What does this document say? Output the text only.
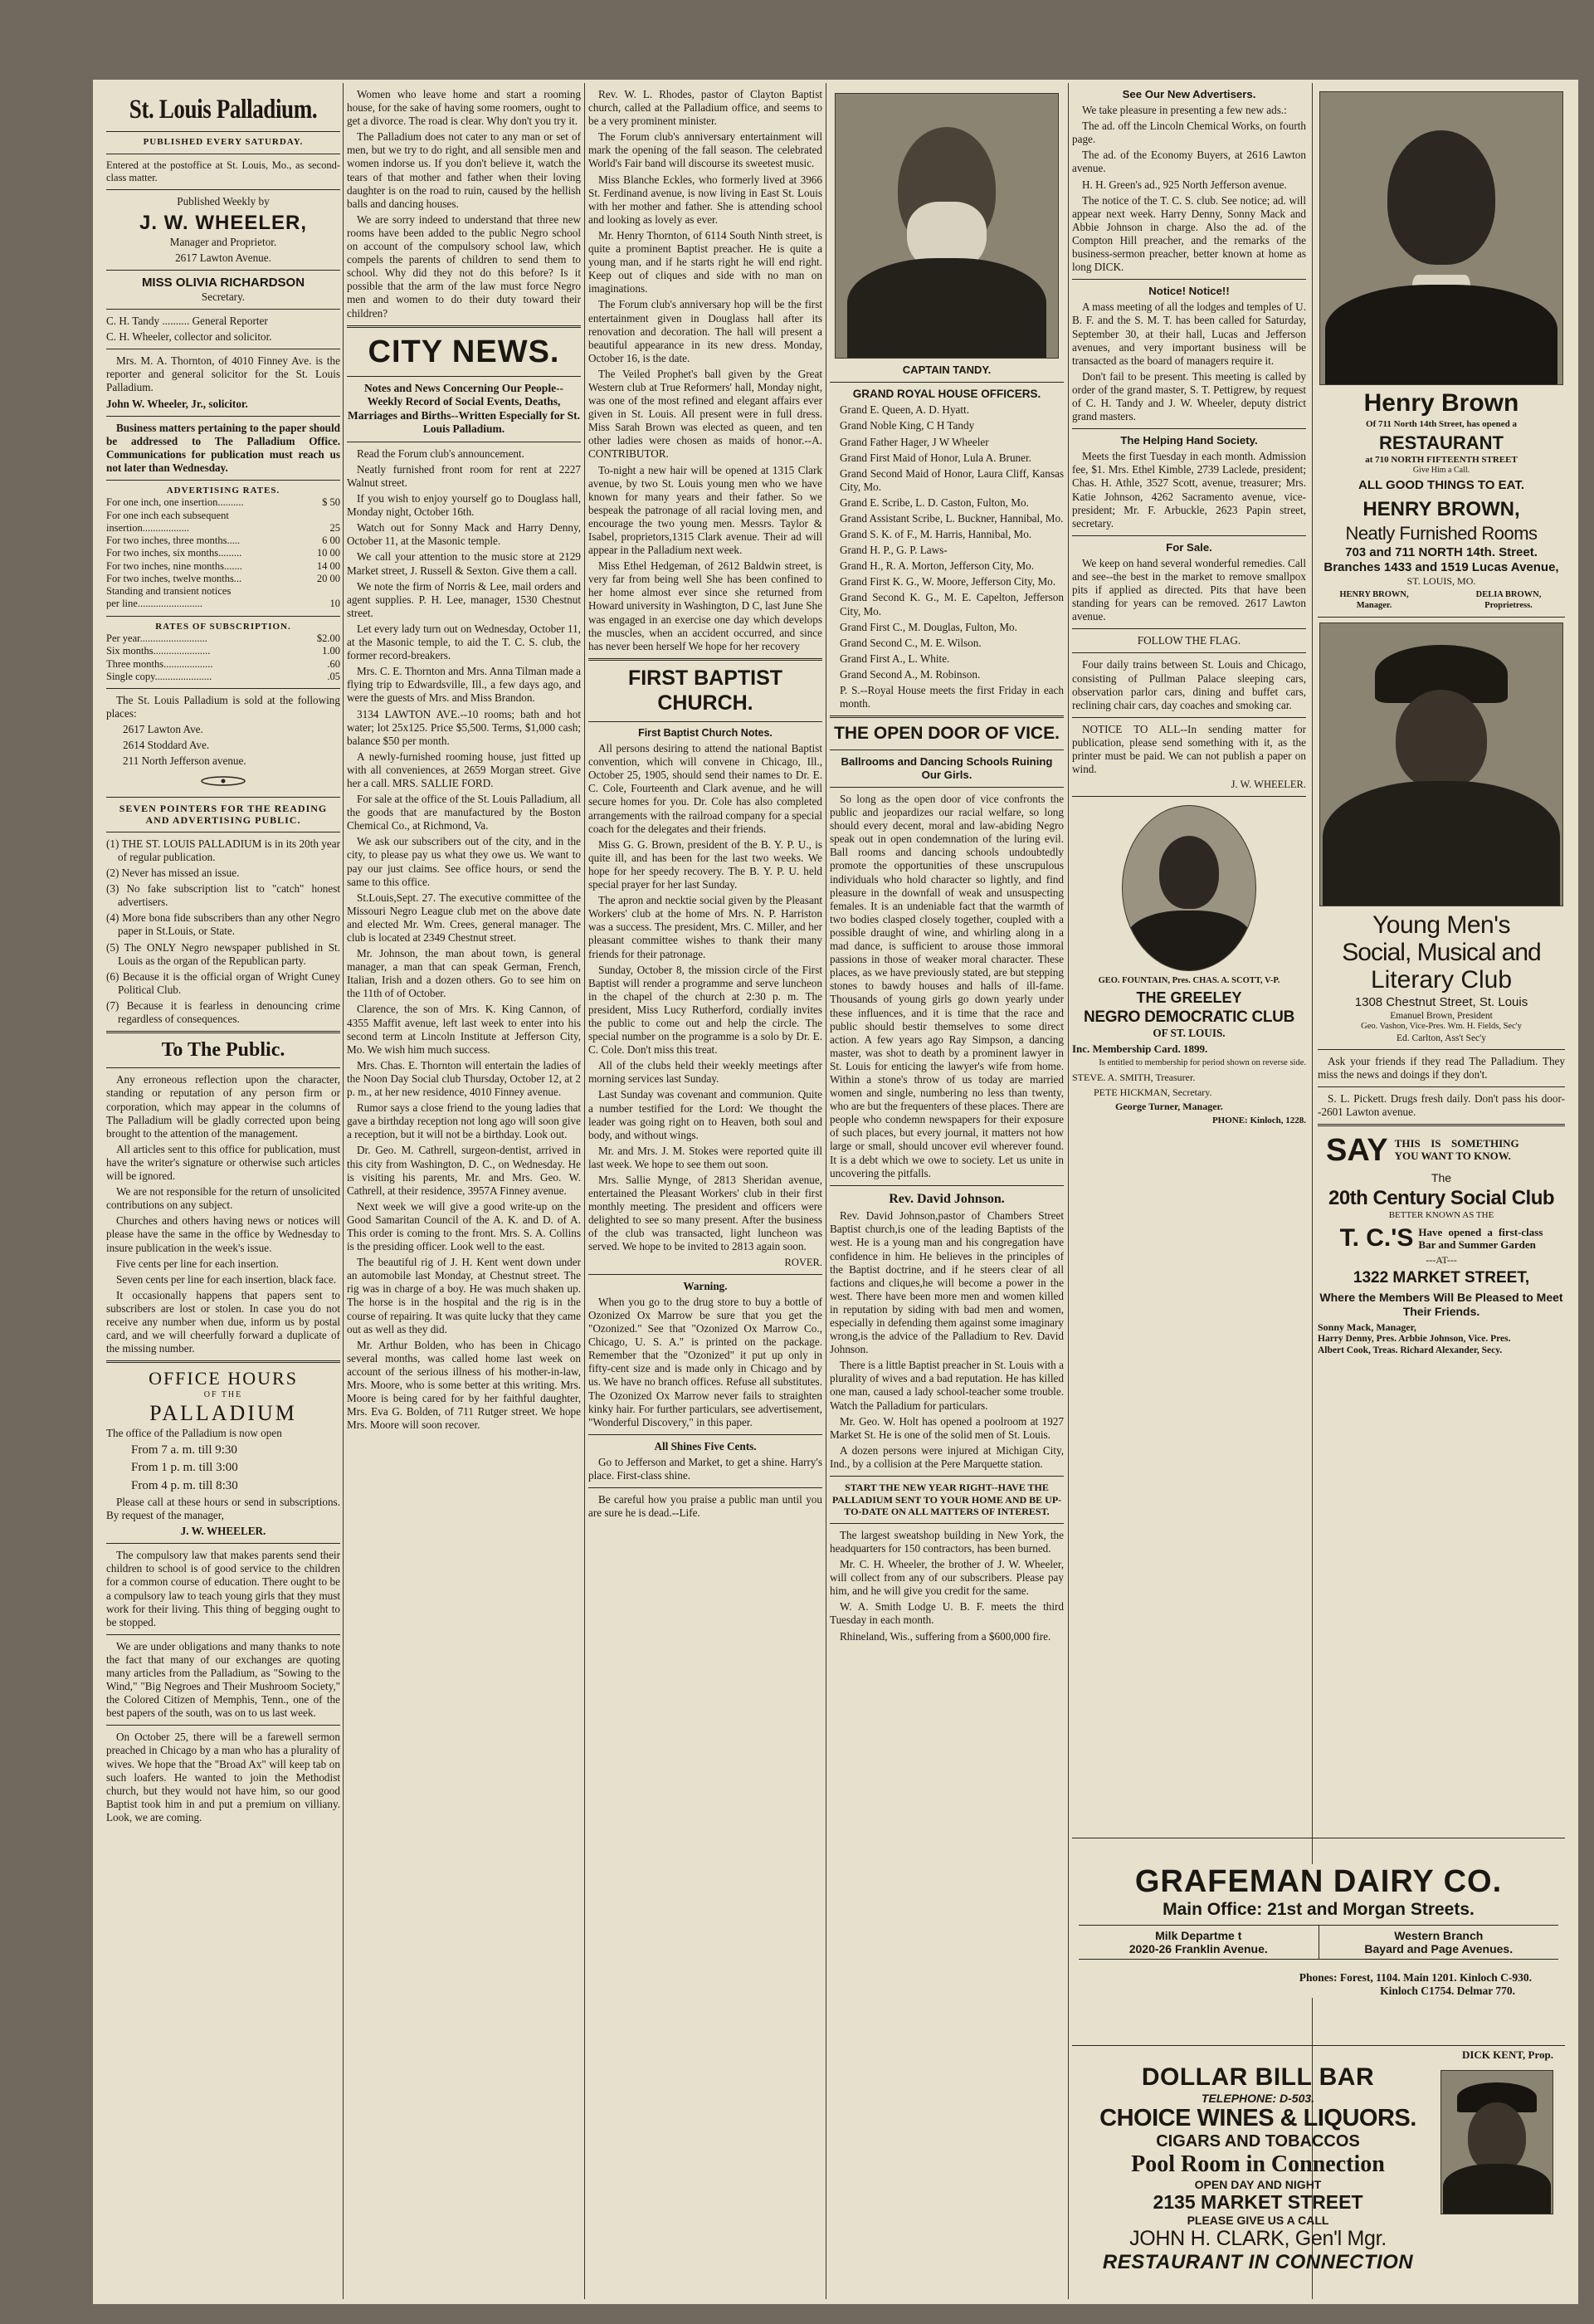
St. Louis Palladium.
PUBLISHED EVERY SATURDAY.

Entered at the postoffice at St. Louis, Mo., as second-class matter.

Published Weekly by

J. W. WHEELER,

Manager and Proprietor.

2617 Lawton Avenue.

MISS OLIVIA RICHARDSON

Secretary.

C. H. Tandy .......... General Reporter

C. H. Wheeler, collector and solicitor.

Mrs. M. A. Thornton, of 4010 Finney Ave. is the reporter and general solicitor for the St. Louis Palladium.

John W. Wheeler, Jr., solicitor.

Business matters pertaining to the paper should be addressed to The Palladium Office. Communications for publication must reach us not later than Wednesday.

ADVERTISING RATES.
For one inch, one insertion..........	$ 50
For one inch each subsequent
insertion..................	25
For two inches, three months.....	6 00
For two inches, six months.........	10 00
For two inches, nine months.......	14 00
For two inches, twelve months...	20 00
Standing and transient notices
per line.........................	10
RATES OF SUBSCRIPTION.
Per year..........................	$2.00
Six months......................	1.00
Three months...................	.60
Single copy......................	.05

The St. Louis Palladium is sold at the following places:

2617 Lawton Ave.

2614 Stoddard Ave.

211 North Jefferson avenue.

SEVEN POINTERS FOR THE READING AND ADVERTISING PUBLIC.

(1) THE ST. LOUIS PALLADIUM is in its 20th year of regular publication.

(2) Never has missed an issue.

(3) No fake subscription list to "catch" honest advertisers.

(4) More bona fide subscribers than any other Negro paper in St.Louis, or State.

(5) The ONLY Negro newspaper published in St. Louis as the organ of the Republican party.

(6) Because it is the official organ of Wright Cuney Political Club.

(7) Because it is fearless in denouncing crime regardless of consequences.

To The Public.

Any erroneous reflection upon the character, standing or reputation of any person firm or corporation, which may appear in the columns of The Palladium will be gladly corrected upon being brought to the attention of the management.

All articles sent to this office for publication, must have the writer's signature or otherwise such articles will be ignored.

We are not responsible for the return of unsolicited contributions on any subject.

Churches and others having news or notices will please have the same in the office by Wednesday to insure publication in the week's issue.

Five cents per line for each insertion.

Seven cents per line for each insertion, black face.

It occasionally happens that papers sent to subscribers are lost or stolen. In case you do not receive any number when due, inform us by postal card, and we will cheerfully forward a duplicate of the missing number.

OFFICE HOURS
OF THE
PALLADIUM

The office of the Palladium is now open

From 7 a. m. till 9:30

From 1 p. m. till 3:00

From 4 p. m. till 8:30

Please call at these hours or send in subscriptions. By request of the manager,

J. W. WHEELER.

The compulsory law that makes parents send their children to school is of good service to the children for a common course of education. There ought to be a compulsory law to teach young girls that they must work for their living. This thing of begging ought to be stopped.

We are under obligations and many thanks to note the fact that many of our exchanges are quoting many articles from the Palladium, as "Sowing to the Wind," "Big Negroes and Their Mushroom Society," the Colored Citizen of Memphis, Tenn., one of the best papers of the south, was on to us last week.

On October 25, there will be a farewell sermon preached in Chicago by a man who has a plurality of wives. We hope that the "Broad Ax" will keep tab on such loafers. He wanted to join the Methodist church, but they would not have him, so our good Baptist took him in and put a premium on villiany. Look, we are coming.

Women who leave home and start a rooming house, for the sake of having some roomers, ought to get a divorce. The road is clear. Why don't you try it.

The Palladium does not cater to any man or set of men, but we try to do right, and all sensible men and women indorse us. If you don't believe it, watch the tears of that mother and father when their loving daughter is on the road to ruin, caused by the hellish balls and dancing houses.

We are sorry indeed to understand that three new rooms have been added to the public Negro school on account of the compulsory school law, which compels the parents of children to send them to school. Why did they not do this before? Is it possible that the arm of the law must force Negro men and women to do their duty toward their children?

CITY NEWS.

Notes and News Concerning Our People--Weekly Record of Social Events, Deaths, Marriages and Births--Written Especially for St. Louis Palladium.

Read the Forum club's announcement.

Neatly furnished front room for rent at 2227 Walnut street.

If you wish to enjoy yourself go to Douglass hall, Monday night, October 16th.

Watch out for Sonny Mack and Harry Denny, October 11, at the Masonic temple.

We call your attention to the music store at 2129 Market street, J. Russell & Sexton. Give them a call.

We note the firm of Norris & Lee, mail orders and agent supplies. P. H. Lee, manager, 1530 Chestnut street.

Let every lady turn out on Wednesday, October 11, at the Masonic temple, to aid the T. C. S. club, the former record-breakers.

Mrs. C. E. Thornton and Mrs. Anna Tilman made a flying trip to Edwardsville, Ill., a few days ago, and were the guests of Mrs. and Miss Brandon.

3134 LAWTON AVE.--10 rooms; bath and hot water; lot 25x125. Price $5,500. Terms, $1,000 cash; balance $50 per month.

A newly-furnished rooming house, just fitted up with all conveniences, at 2659 Morgan street. Give her a call. MRS. SALLIE FORD.

For sale at the office of the St. Louis Palladium, all the goods that are manufactured by the Boston Chemical Co., at Richmond, Va.

We ask our subscribers out of the city, and in the city, to please pay us what they owe us. We want to pay our just claims. See office hours, or send the same to this office.

St.Louis,Sept. 27. The executive committee of the Missouri Negro League club met on the above date and elected Mr. Wm. Crees, general manager. The club is located at 2349 Chestnut street.

Mr. Johnson, the man about town, is general manager, a man that can speak German, French, Italian, Irish and a dozen others. Go to see him on the 11th of of October.

Clarence, the son of Mrs. K. King Cannon, of 4355 Maffit avenue, left last week to enter into his second term at Lincoln Institute at Jefferson City, Mo. We wish him much success.

Mrs. Chas. E. Thornton will entertain the ladies of the Noon Day Social club Thursday, October 12, at 2 p. m., at her new residence, 4010 Finney avenue.

Rumor says a close friend to the young ladies that gave a birthday reception not long ago will soon give a reception, but it will not be a birthday. Look out.

Dr. Geo. M. Cathrell, surgeon-dentist, arrived in this city from Washington, D. C., on Wednesday. He is visiting his parents, Mr. and Mrs. Geo. W. Cathrell, at their residence, 3957A Finney avenue.

Next week we will give a good write-up on the Good Samaritan Council of the A. K. and D. of A. This order is coming to the front. Mrs. S. A. Collins is the presiding officer. Look well to the east.

The beautiful rig of J. H. Kent went down under an automobile last Monday, at Chestnut street. The rig was in charge of a boy. He was much shaken up. The horse is in the hospital and the rig is in the course of repairing. It was quite lucky that they came out as well as they did.

Mr. Arthur Bolden, who has been in Chicago several months, was called home last week on account of the serious illness of his mother-in-law, Mrs. Moore, who is some better at this writing. Mrs. Moore is being cared for by her faithful daughter, Mrs. Eva G. Bolden, of 711 Rutger street. We hope Mrs. Moore will soon recover.

Rev. W. L. Rhodes, pastor of Clayton Baptist church, called at the Palladium office, and seems to be a very prominent minister.

The Forum club's anniversary entertainment will mark the opening of the fall season. The celebrated World's Fair band will discourse its sweetest music.

Miss Blanche Eckles, who formerly lived at 3966 St. Ferdinand avenue, is now living in East St. Louis with her mother and father. She is attending school and looking as lovely as ever.

Mr. Henry Thornton, of 6114 South Ninth street, is quite a prominent Baptist preacher. He is quite a young man, and if he starts right he will end right. Keep out of cliques and side with no man on imaginations.

The Forum club's anniversary hop will be the first entertainment given in Douglass hall after its renovation and decoration. The hall will present a beautiful appearance in its new dress. Monday, October 16, is the date.

The Veiled Prophet's ball given by the Great Western club at True Reformers' hall, Monday night, was one of the most refined and elegant affairs ever given in St. Louis. All present were in full dress. Miss Sarah Brown was elected as queen, and ten other ladies were chosen as maids of honor.--A. CONTRIBUTOR.

To-night a new hair will be opened at 1315 Clark avenue, by two St. Louis young men who we have known for many years and their father. So we bespeak the patronage of all racial loving men, and encourage the two young men. Messrs. Taylor & Isabel, proprietors,1315 Clark avenue. Their ad will appear in the Palladium next week.

Miss Ethel Hedgeman, of 2612 Baldwin street, is very far from being well She has been confined to her home almost ever since she returned from Howard university in Washington, D C, last June She was engaged in an exercise one day which develops the muscles, when an accident occurred, and since has never been herself We hope for her recovery

FIRST BAPTIST CHURCH.

First Baptist Church Notes.

All persons desiring to attend the national Baptist convention, which will convene in Chicago, Ill., October 25, 1905, should send their names to Dr. E. C. Cole, Fourteenth and Clark avenue, and he will secure homes for you. Dr. Cole has also completed arrangements with the railroad company for a special coach for the delegates and their friends.

Miss G. G. Brown, president of the B. Y. P. U., is quite ill, and has been for the last two weeks. We hope for her speedy recovery. The B. Y. P. U. held special prayer for her last Sunday.

The apron and necktie social given by the Pleasant Workers' club at the home of Mrs. N. P. Harriston was a success. The president, Mrs. C. Miller, and her pleasant committee wishes to thank their many friends for their patronage.

Sunday, October 8, the mission circle of the First Baptist will render a programme and serve luncheon in the chapel of the church at 2:30 p. m. The president, Miss Lucy Rutherford, cordially invites the public to come out and help the circle. The special number on the programme is a solo by Dr. E. C. Cole. Don't miss this treat.

All of the clubs held their weekly meetings after morning services last Sunday.

Last Sunday was covenant and communion. Quite a number testified for the Lord: We thought the leader was going right on to Heaven, both soul and body, and without wings.

Mr. and Mrs. J. M. Stokes were reported quite ill last week. We hope to see them out soon.

Mrs. Sallie Mynge, of 2813 Sheridan avenue, entertained the Pleasant Workers' club in their first monthly meeting. The president and officers were delighted to see so many present. After the business of the club was transacted, light luncheon was served. We hope to be invited to 2813 again soon.

ROVER.

Warning.

When you go to the drug store to buy a bottle of Ozonized Ox Marrow be sure that you get the "Ozonized." See that "Ozonized Ox Marrow Co., Chicago, U. S. A." is printed on the package. Remember that the "Ozonized" it put up only in fifty-cent size and is made only in Chicago and by us. We have no branch offices. Refuse all substitutes. The Ozonized Ox Marrow never fails to straighten kinky hair. For further particulars, see advertisement, "Wonderful Discovery," in this paper.

All Shines Five Cents.

Go to Jefferson and Market, to get a shine. Harry's place. First-class shine.

Be careful how you praise a public man until you are sure he is dead.--Life.

CAPTAIN TANDY.

GRAND ROYAL HOUSE OFFICERS.

Grand E. Queen, A. D. Hyatt.

Grand Noble King, C H Tandy

Grand Father Hager, J W Wheeler

Grand First Maid of Honor, Lula A. Bruner.

Grand Second Maid of Honor, Laura Cliff, Kansas City, Mo.

Grand E. Scribe, L. D. Caston, Fulton, Mo.

Grand Assistant Scribe, L. Buckner, Hannibal, Mo.

Grand S. K. of F., M. Harris, Hannibal, Mo.

Grand H. P., G. P. Laws-

Grand H., R. A. Morton, Jefferson City, Mo.

Grand First K. G., W. Moore, Jefferson City, Mo.

Grand Second K. G., M. E. Capelton, Jefferson City, Mo.

Grand First C., M. Douglas, Fulton, Mo.

Grand Second C., M. E. Wilson.

Grand First A., L. White.

Grand Second A., M. Robinson.

P. S.--Royal House meets the first Friday in each month.

THE OPEN DOOR OF VICE.

Ballrooms and Dancing Schools Ruining Our Girls.

So long as the open door of vice confronts the public and jeopardizes our racial welfare, so long should every decent, moral and law-abiding Negro speak out in open condemnation of the luring evil. Ball rooms and dancing schools undoubtedly promote the opportunities of these unscrupulous individuals who hold character so lightly, and find pleasure in the downfall of weak and unsuspecting females. It is an undeniable fact that the warmth of two bodies clasped closely together, coupled with a possible draught of wine, and whirling along in a mad dance, is sufficient to arouse those immoral passions in those of weaker moral character. These places, as we have previously stated, are but stepping stones to bawdy houses and halls of ill-fame. Thousands of young girls go down yearly under these influences, and it is time that the race and public should bestir themselves to some direct action. A few years ago Ray Simpson, a dancing master, was shot to death by a prominent lawyer in St. Louis for enticing the lawyer's wife from home. Within a stone's throw of us today are married women and single, numbering no less than twenty, who are but the frequenters of these places. There are people who condemn newspapers for their exposure of such places, but every journal, it matters not how large or small, should uncover evil wherever found. It is a debt which we owe to society. Let us unite in uncovering the pitfalls.

Rev. David Johnson.

Rev. David Johnson,pastor of Chambers Street Baptist church,is one of the leading Baptists of the west. He is a young man and his congregation have confidence in him. He believes in the principles of the Baptist doctrine, and if he steers clear of all factions and cliques,he will become a power in the west. There have been more men and women killed in reputation by siding with bad men and women, especially in defending them against some imaginary wrong,is the advice of the Palladium to Rev. David Johnson.

There is a little Baptist preacher in St. Louis with a plurality of wives and a bad reputation. He has killed one man, caused a lady school-teacher some trouble. Watch the Palladium for particulars.

Mr. Geo. W. Holt has opened a poolroom at 1927 Market St. He is one of the solid men of St. Louis.

A dozen persons were injured at Michigan City, Ind., by a collision at the Pere Marquette station.

START THE NEW YEAR RIGHT--HAVE THE PALLADIUM SENT TO YOUR HOME AND BE UP-TO-DATE ON ALL MATTERS OF INTEREST.

The largest sweatshop building in New York, the headquarters for 150 contractors, has been burned.

Mr. C. H. Wheeler, the brother of J. W. Wheeler, will collect from any of our subscribers. Please pay him, and he will give you credit for the same.

W. A. Smith Lodge U. B. F. meets the third Tuesday in each month.

Rhineland, Wis., suffering from a $600,000 fire.

See Our New Advertisers.

We take pleasure in presenting a few new ads.:

The ad. off the Lincoln Chemical Works, on fourth page.

The ad. of the Economy Buyers, at 2616 Lawton avenue.

H. H. Green's ad., 925 North Jefferson avenue.

The notice of the T. C. S. club. See notice; ad. will appear next week. Harry Denny, Sonny Mack and Abbie Johnson in charge. Also the ad. of the Compton Hill preacher, and the remarks of the business-sermon preacher, better known at home as long DICK.

Notice! Notice!!

A mass meeting of all the lodges and temples of U. B. F. and the S. M. T. has been called for Saturday, September 30, at their hall, Lucas and Jefferson avenues, and very important business will be transacted as the board of managers require it.

Don't fail to be present. This meeting is called by order of the grand master, S. T. Pettigrew, by request of C. H. Tandy and J. W. Wheeler, deputy district grand masters.

The Helping Hand Society.

Meets the first Tuesday in each month. Admission fee, $1. Mrs. Ethel Kimble, 2739 Laclede, president; Chas. H. Athle, 3527 Scott, avenue, treasurer; Mrs. Katie Johnson, 4262 Sacramento avenue, vice-president; Mr. F. Arbuckle, 2623 Papin street, secretary.

For Sale.

We keep on hand several wonderful remedies. Call and see--the best in the market to remove smallpox pits if applied as directed. Pits that have been standing for years can be removed. 2617 Lawton avenue.

FOLLOW THE FLAG.

Four daily trains between St. Louis and Chicago, consisting of Pullman Palace sleeping cars, observation parlor cars, dining and buffet cars, reclining chair cars, day coaches and smoking car.

NOTICE TO ALL--In sending matter for publication, please send something with it, as the printer must be paid. We can not publish a paper on wind.

J. W. WHEELER.

GEO. FOUNTAIN, Pres. CHAS. A. SCOTT, V-P.

THE GREELEY

NEGRO DEMOCRATIC CLUB

OF ST. LOUIS.

Inc. Membership Card. 1899.

Is entitled to membership for period shown on reverse side.

STEVE. A. SMITH, Treasurer.

PETE HICKMAN, Secretary.

George Turner, Manager.

PHONE: Kinloch, 1228.

Henry Brown

Of 711 North 14th Street, has opened a

RESTAURANT

at 710 NORTH FIFTEENTH STREET

Give Him a Call.

ALL GOOD THINGS TO EAT.

HENRY BROWN,

Neatly Furnished Rooms

703 and 711 NORTH 14th. Street.

Branches 1433 and 1519 Lucas Avenue,

ST. LOUIS, MO.

HENRY BROWN, Manager.
DELIA BROWN, Proprietress.

Young Men's

Social, Musical and

Literary Club

1308 Chestnut Street, St. Louis

Emanuel Brown, President

Geo. Vashon, Vice-Pres. Wm. H. Fields, Sec'y

Ed. Carlton, Ass't Sec'y

Ask your friends if they read The Palladium. They miss the news and doings if they don't.

S. L. Pickett. Drugs fresh daily. Don't pass his door--2601 Lawton avenue.

SAY THIS IS SOMETHING YOU WANT TO KNOW.

The

20th Century Social Club

BETTER KNOWN AS THE

T. C.'S Have opened a first-class Bar and Summer Garden

---AT---

1322 MARKET STREET,

Where the Members Will Be Pleased to Meet Their Friends.

Sonny Mack, Manager,

Harry Denny, Pres. Arbbie Johnson, Vice. Pres.

Albert Cook, Treas. Richard Alexander, Secy.

GRAFEMAN DAIRY CO.
Main Office: 21st and Morgan Streets.
Milk Departme t
2020-26 Franklin Avenue.
Western Branch
Bayard and Page Avenues.
Phones: Forest, 1104. Main 1201. Kinloch C-930.
Kinloch C1754. Delmar 770.
DICK KENT, Prop.
DOLLAR BILL BAR
TELEPHONE: D-503.
CHOICE WINES & LIQUORS.
CIGARS AND TOBACCOS
Pool Room in Connection
OPEN DAY AND NIGHT
2135 MARKET STREET
PLEASE GIVE US A CALL
JOHN H. CLARK, Gen'l Mgr.
RESTAURANT IN CONNECTION
